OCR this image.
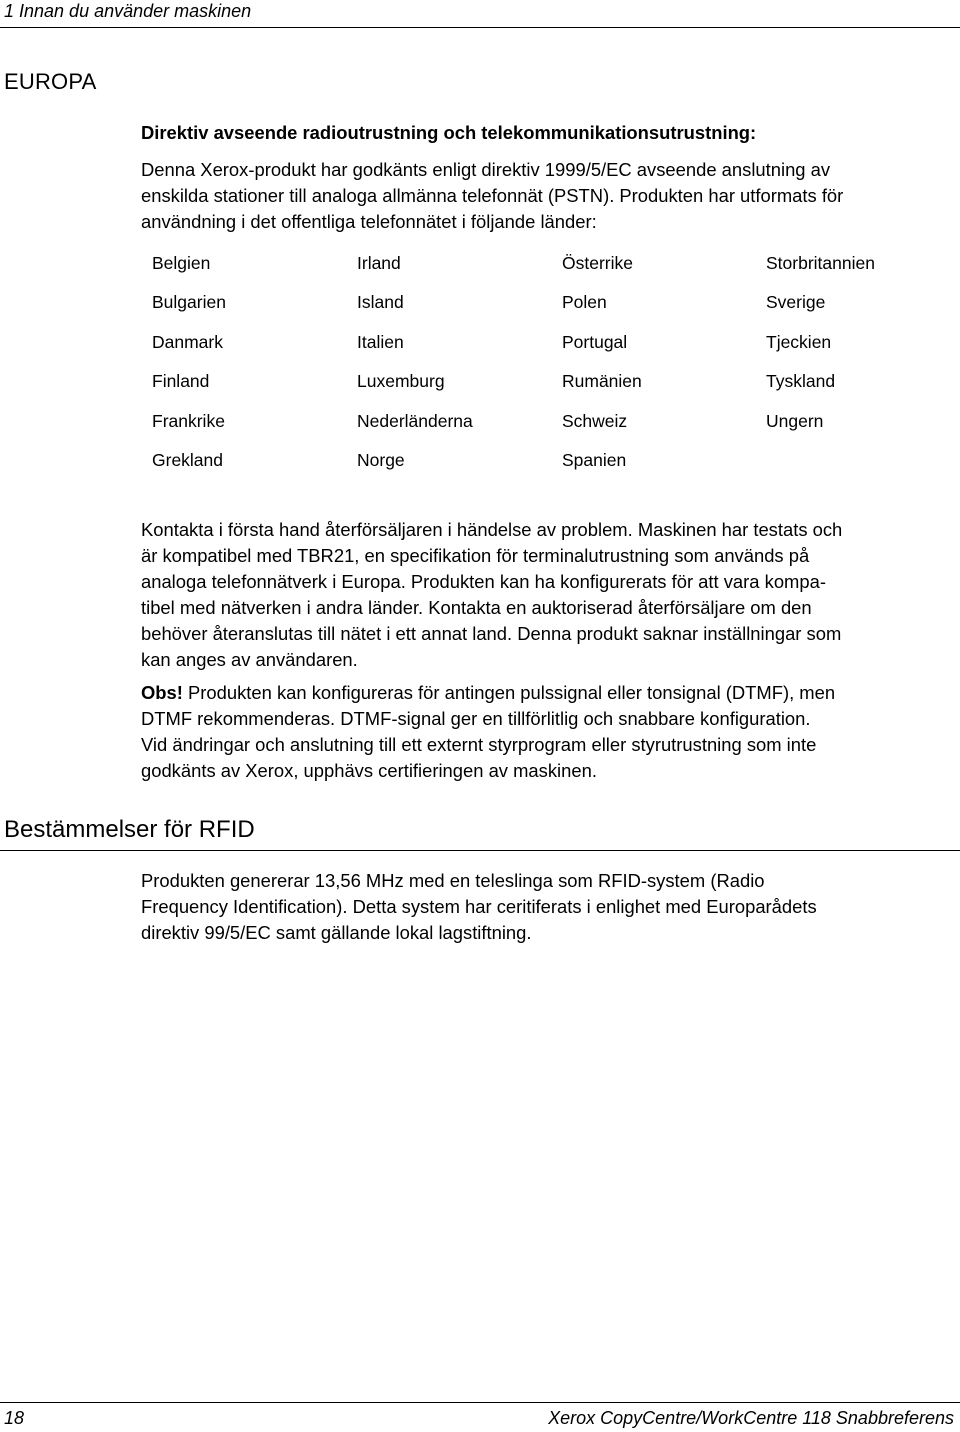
1 Innan du använder maskinen
EUROPA
Direktiv avseende radioutrustning och telekommunikationsutrustning:
Denna Xerox-produkt har godkänts enligt direktiv 1999/5/EC avseende anslutning av
enskilda stationer till analoga allmänna telefonnät (PSTN). Produkten har utformats för
användning i det offentliga telefonnätet i följande länder:
Belgien	Irland	Österrike	Storbritannien
Bulgarien	Island	Polen	Sverige
Danmark	Italien	Portugal	Tjeckien
Finland	Luxemburg	Rumänien	Tyskland
Frankrike	Nederländerna	Schweiz	Ungern
Grekland	Norge	Spanien
Kontakta i första hand återförsäljaren i händelse av problem. Maskinen har testats och
är kompatibel med TBR21, en specifikation för terminalutrustning som används på
analoga telefonnätverk i Europa. Produkten kan ha konfigurerats för att vara kompa-
tibel med nätverken i andra länder. Kontakta en auktoriserad återförsäljare om den
behöver återanslutas till nätet i ett annat land. Denna produkt saknar inställningar som
kan anges av användaren.
Obs! Produkten kan konfigureras för antingen pulssignal eller tonsignal (DTMF), men
DTMF rekommenderas. DTMF-signal ger en tillförlitlig och snabbare konfiguration.
Vid ändringar och anslutning till ett externt styrprogram eller styrutrustning som inte
godkänts av Xerox, upphävs certifieringen av maskinen.
Bestämmelser för RFID
Produkten genererar 13,56 MHz med en teleslinga som RFID-system (Radio
Frequency Identification). Detta system har ceritiferats i enlighet med Europarådets
direktiv 99/5/EC samt gällande lokal lagstiftning.
18	Xerox CopyCentre/WorkCentre 118 Snabbreferens
